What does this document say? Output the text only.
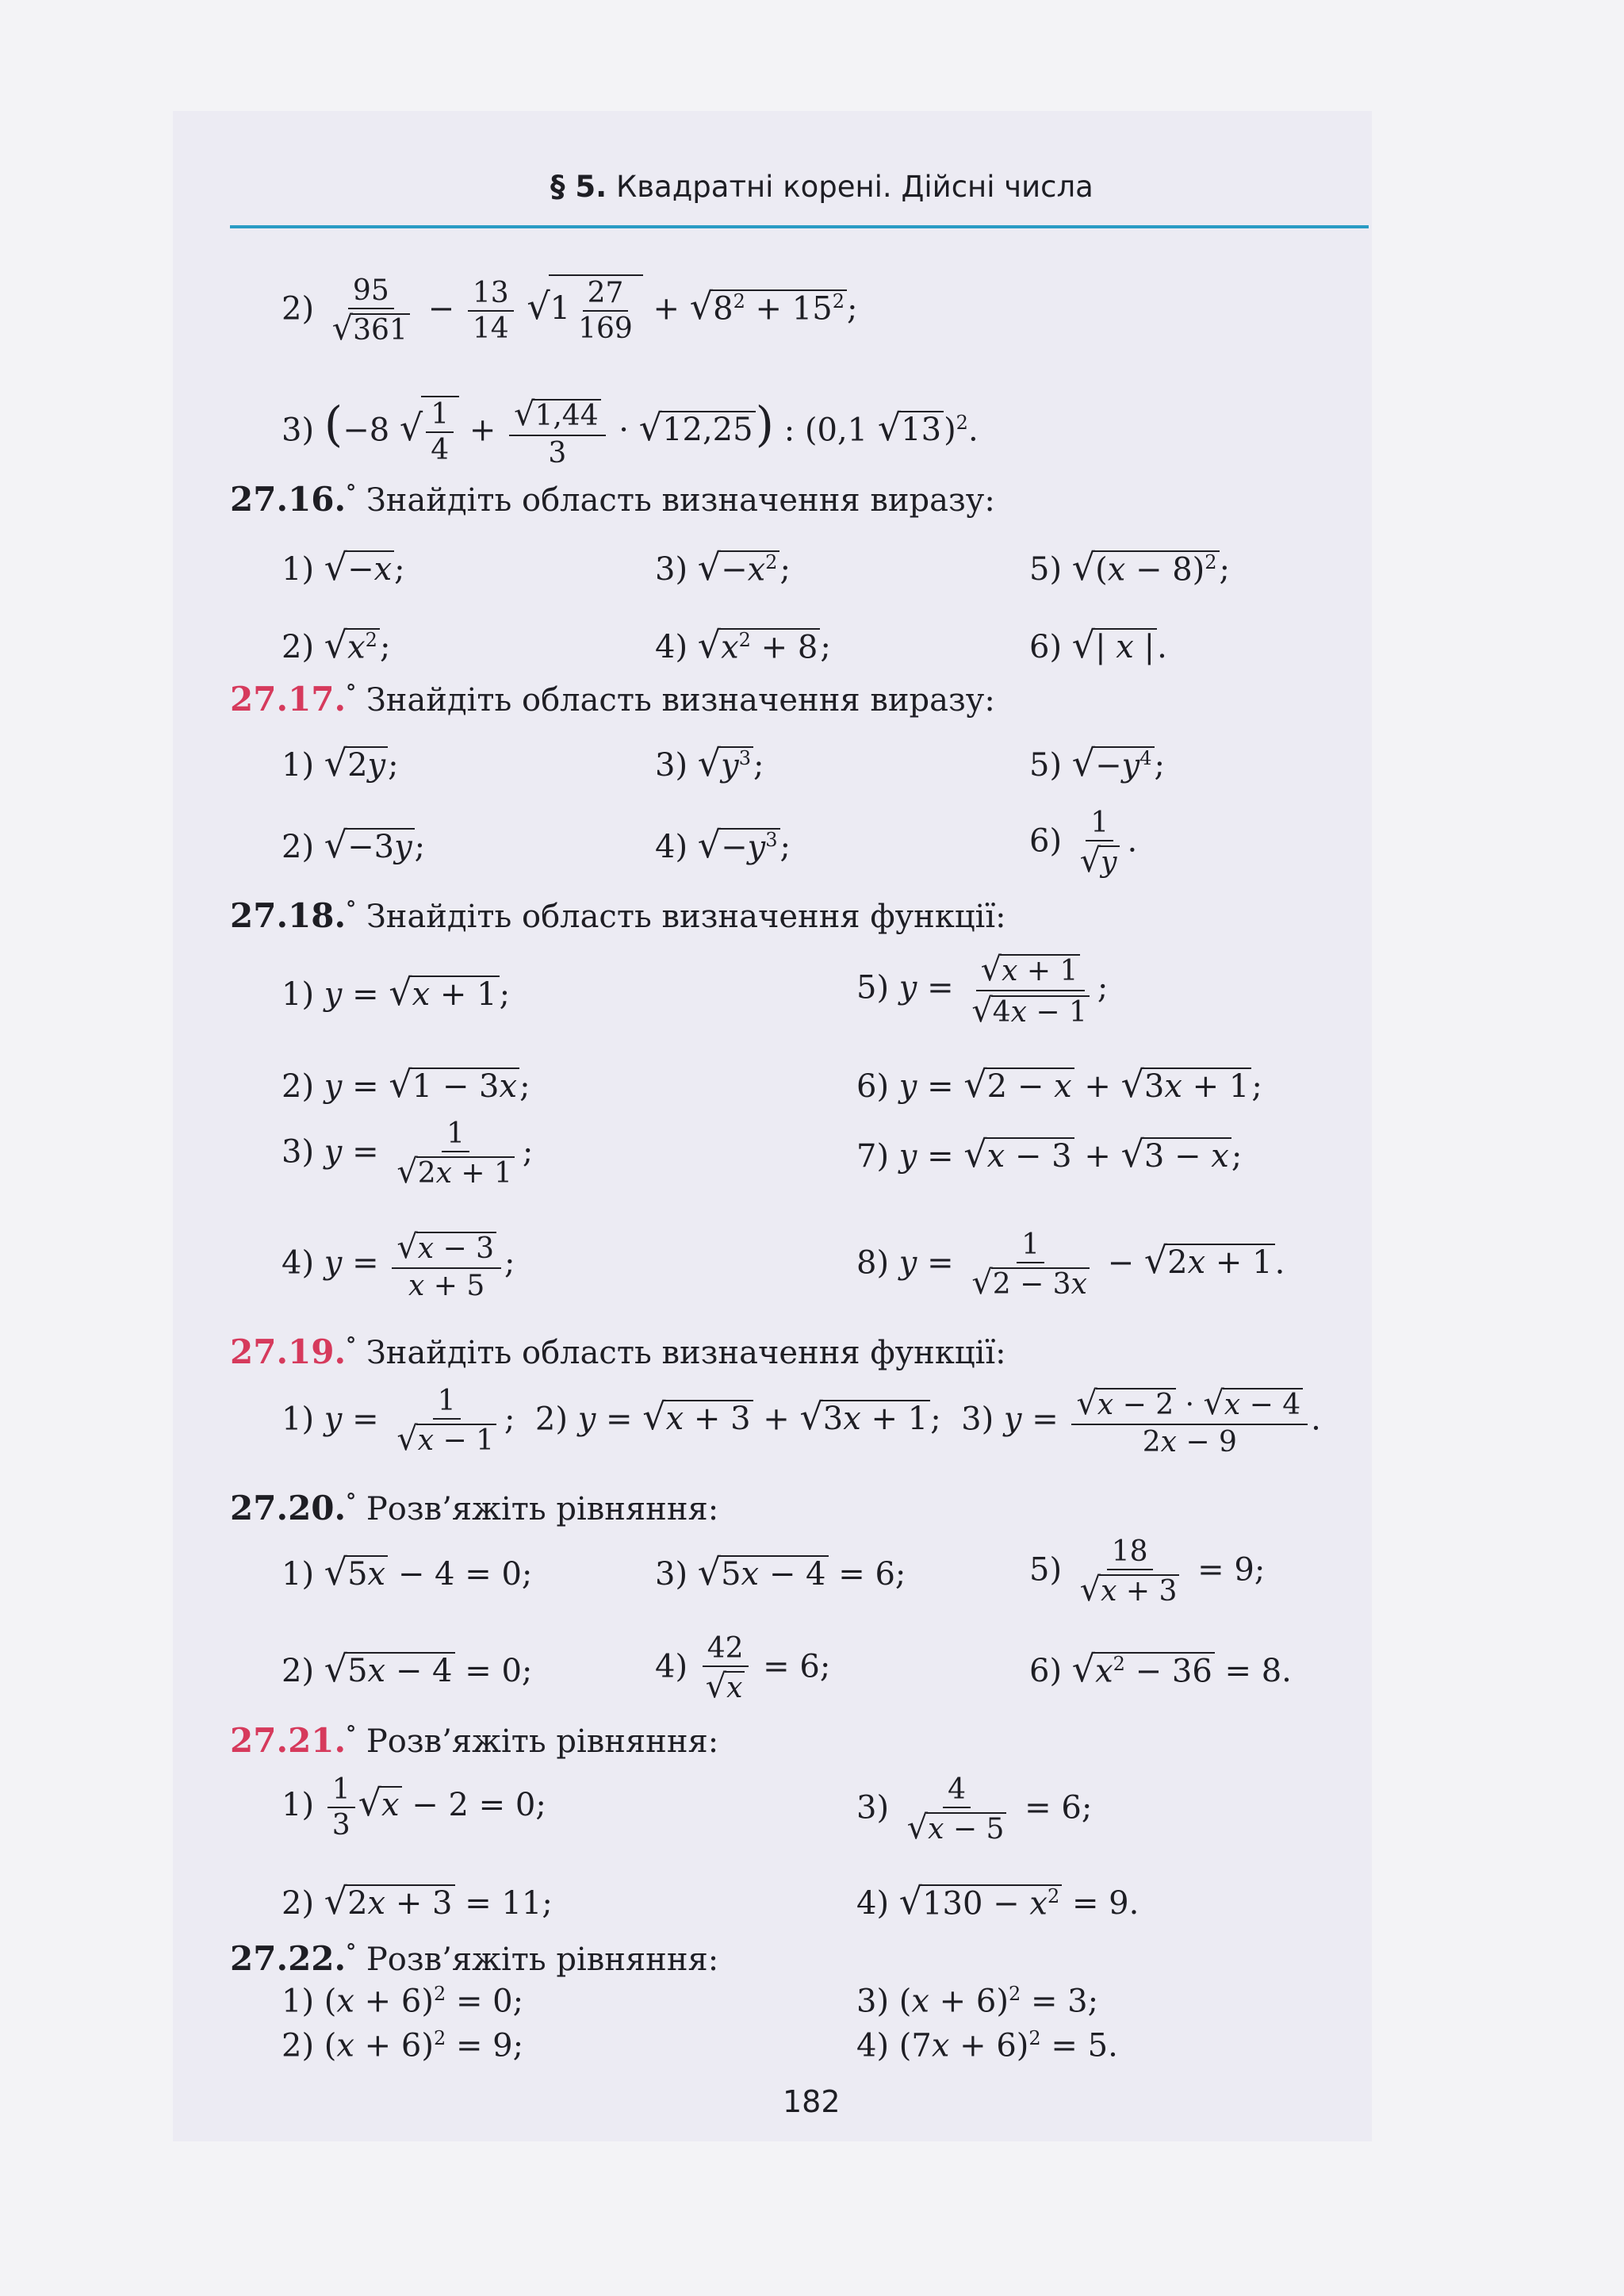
§ 5. Квадратні корені. Дійсні числа
$2) \frac{95}{√361} - \frac{13}{14} √1 \frac{27}{169} + √8^2 + 15^2$;
3) (−8 √ $\frac{1}{4} + \frac{√1,44}{3} \cdot √12,25$) : (0,1 √13)$^2$.
27.16.° Знайдіть область визначення виразу:
1) √−x;	3) $√-x^2$;	5) $√(x - 8)^2$;
2) $√x^2$;	4) $√x^2 + 8$;	6) √| x |.
27.17.° Знайдіть область визначення виразу:
1) √2y;	3) $√y^3$;	5) $√-y^4$;
2) √−3y;	4) $√-y^3$;	$6) \frac{1}{√y}$ .
27.18.° Знайдіть область визначення функції:
1) y = √x + 1;	5) $y = \frac{√x + 1}{√4x - 1}$ ;
2) y = √1 − 3x;	6) y = √2 − x + √3x + 1;
3) $y = \frac{1}{√2x + 1}$ ;	7) y = √x − 3 + √3 − x;
4) $y = \frac{√x - 3}{x + 5}$ ;	8) $y = \frac{1}{√2 - 3x} - √2x + 1$.
27.19.° Знайдіть область визначення функції:
1) $y = \frac{1}{√x - 1}$ ;  2) y = √x + 3 + √3x + 1;  3) $y = \frac{√x - 2 \cdot √x - 4}{2x - 9}$ .
27.20.° Розв’яжіть рівняння:
1) √5x − 4 = 0;	3) √5x − 4 = 6;	$5) \frac{18}{√x + 3} = 9$;
2) √5x − 4 = 0;	$4) \frac{42}{√x} = 6$;	6) $√x^2 - 36 = 8$.
27.21.° Розв’яжіть рівняння:
$1) \frac{1}{3} √x - 2 = 0$;	$3) \frac{4}{√x - 5} = 6$;
2) √2x + 3 = 11;	4) $√130 - x^2 = 9$.
27.22.° Розв’яжіть рівняння:
1) $(x + 6)^2 = 0$;	3) $(x + 6)^2 = 3$;
2) $(x + 6)^2 = 9$;	4) $(7x + 6)^2 = 5$.
182
